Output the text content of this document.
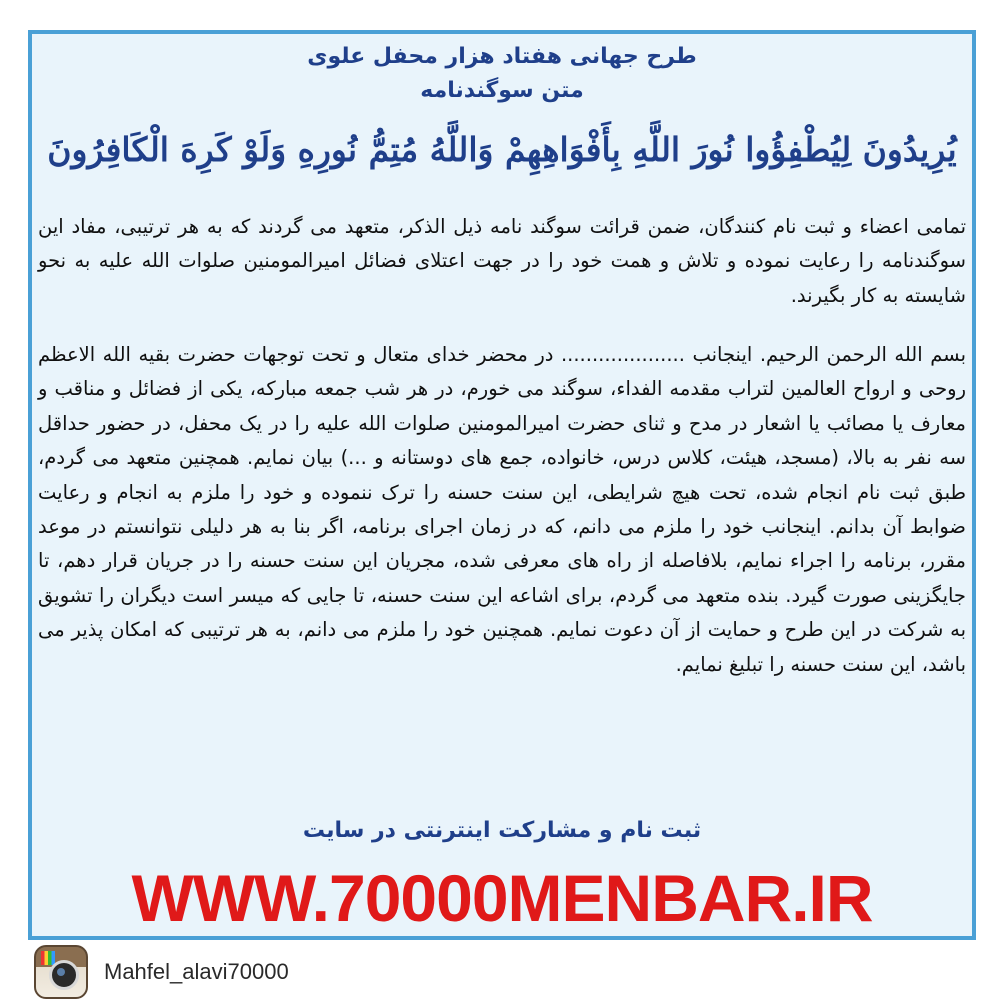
طرح جهانی هفتاد هزار محفل علوی
متن سوگندنامه
يُرِيدُونَ لِيُطْفِؤُوا نُورَ اللَّهِ بِأَفْوَاهِهِمْ وَاللَّهُ مُتِمُّ نُورِهِ وَلَوْ كَرِهَ الْكَافِرُونَ
تمامی اعضاء و ثبت نام کنندگان، ضمن قرائت سوگند نامه ذیل الذکر، متعهد می گردند که به هر ترتیبی، مفاد این سوگندنامه را رعایت نموده و تلاش و همت خود را در جهت اعتلای فضائل امیرالمومنین صلوات الله علیه به نحو شایسته به کار بگیرند.
بسم الله الرحمن الرحیم. اینجانب .................... در محضر خدای متعال و تحت توجهات حضرت بقیه الله الاعظم روحی و ارواح العالمین لتراب مقدمه الفداء، سوگند می خورم، در هر شب جمعه مبارکه، یکی از فضائل و مناقب و معارف یا مصائب یا اشعار در مدح و ثنای حضرت امیرالمومنین صلوات الله علیه را در یک محفل، در حضور حداقل سه نفر به بالا، (مسجد، هیئت، کلاس درس، خانواده، جمع های دوستانه و ...) بیان نمایم. همچنین متعهد می گردم، طبق ثبت نام انجام شده، تحت هیچ شرایطی، این سنت حسنه را ترک ننموده و خود را ملزم به انجام و رعایت ضوابط آن بدانم. اینجانب خود را ملزم می دانم، که در زمان اجرای برنامه، اگر بنا به هر دلیلی نتوانستم در موعد مقرر، برنامه را اجراء نمایم، بلافاصله از راه های معرفی شده، مجریان این سنت حسنه را در جریان قرار دهم، تا جایگزینی صورت گیرد. بنده متعهد می گردم، برای اشاعه این سنت حسنه، تا جایی که میسر است دیگران را تشویق به شرکت در این طرح و حمایت از آن دعوت نمایم. همچنین خود را ملزم می دانم، به هر ترتیبی که امکان پذیر می باشد، این سنت حسنه را تبلیغ نمایم.
ثبت نام و مشارکت اینترنتی در سایت
WWW.70000MENBAR.IR
Mahfel_alavi70000
